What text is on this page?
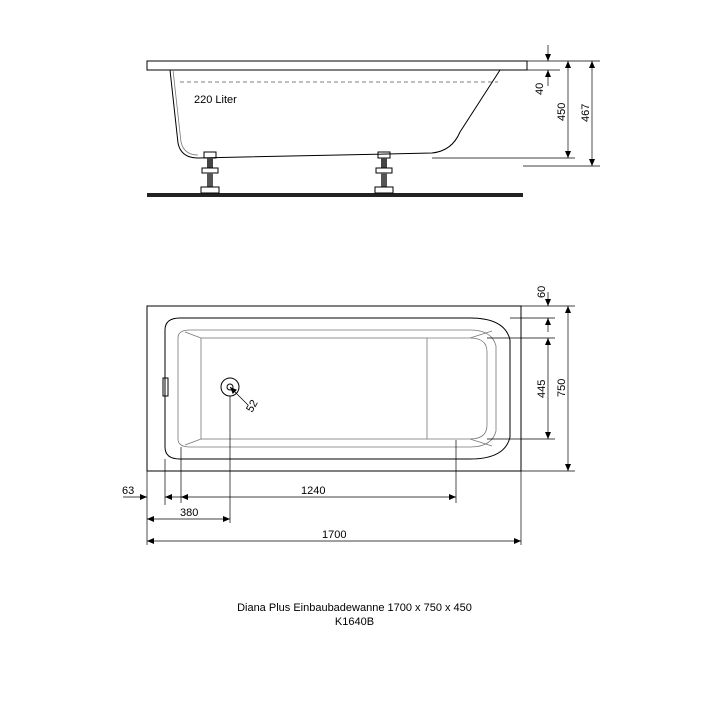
220 Liter
40
450 467
52
60
445 750
63	1240
380
1700
Diana Plus Einbaubadewanne 1700 x 750 x 450
K1640B
